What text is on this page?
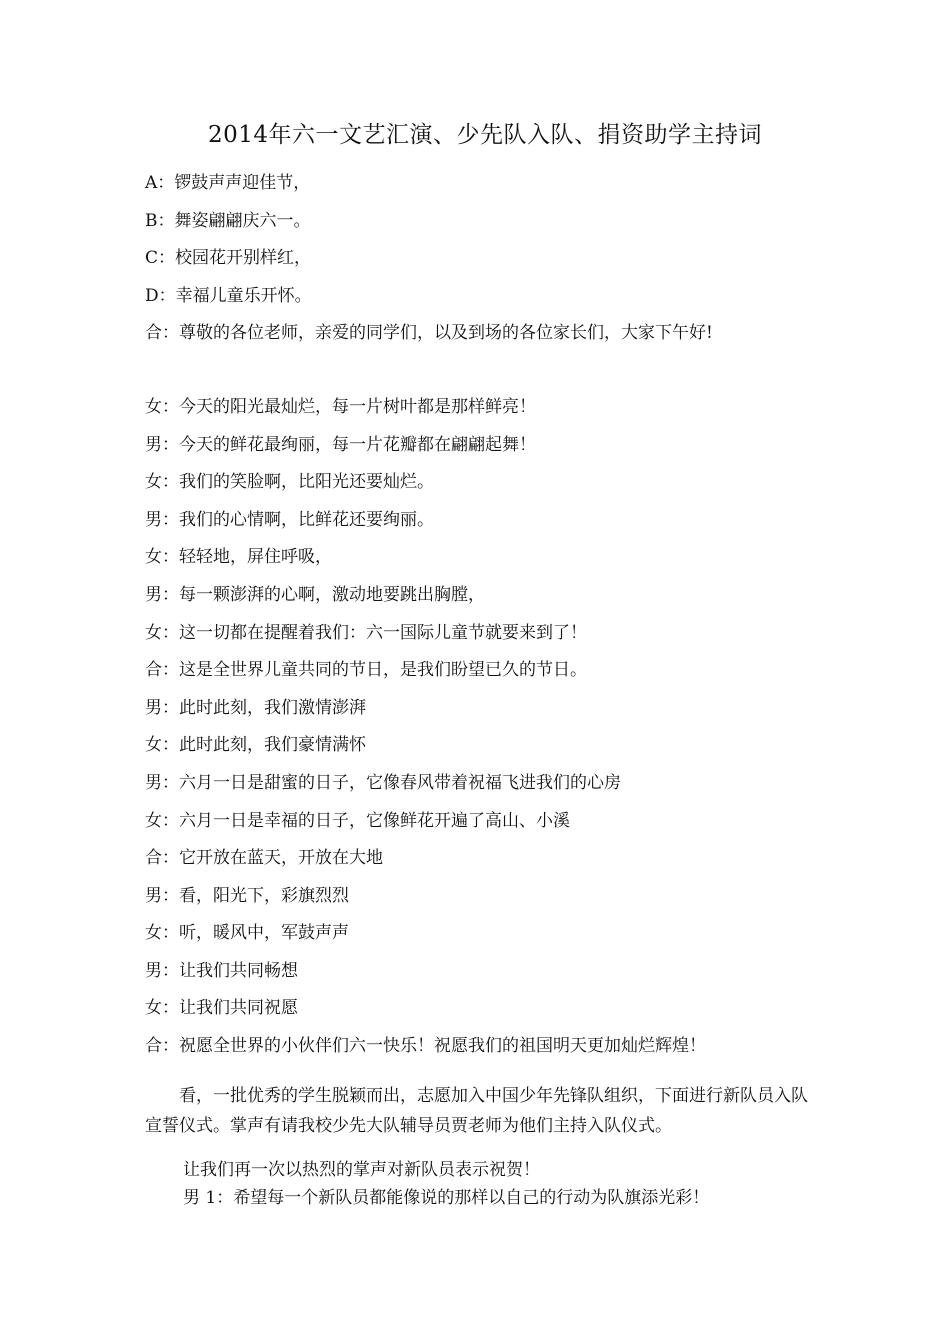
2014年六一文艺汇演、少先队入队、捐资助学主持词
A：锣鼓声声迎佳节，
B：舞姿翩翩庆六一。
C：校园花开别样红，
D：幸福儿童乐开怀。
合：尊敬的各位老师，亲爱的同学们，以及到场的各位家长们，大家下午好!
女：今天的阳光最灿烂，每一片树叶都是那样鲜亮！
男：今天的鲜花最绚丽，每一片花瓣都在翩翩起舞！
女：我们的笑脸啊，比阳光还要灿烂。
男：我们的心情啊，比鲜花还要绚丽。
女：轻轻地，屏住呼吸，
男：每一颗澎湃的心啊，激动地要跳出胸膛，
女：这一切都在提醒着我们：六一国际儿童节就要来到了！
合：这是全世界儿童共同的节日，是我们盼望已久的节日。
男：此时此刻，我们激情澎湃
女：此时此刻，我们豪情满怀
男：六月一日是甜蜜的日子，它像春风带着祝福飞进我们的心房
女：六月一日是幸福的日子，它像鲜花开遍了高山、小溪
合：它开放在蓝天，开放在大地
男：看，阳光下，彩旗烈烈
女：听，暖风中，军鼓声声
男：让我们共同畅想
女：让我们共同祝愿
合：祝愿全世界的小伙伴们六一快乐！祝愿我们的祖国明天更加灿烂辉煌！
看，一批优秀的学生脱颖而出，志愿加入中国少年先锋队组织，下面进行新队员入队宣誓仪式。掌声有请我校少先大队辅导员贾老师为他们主持入队仪式。
让我们再一次以热烈的掌声对新队员表示祝贺！
男 1：希望每一个新队员都能像说的那样以自己的行动为队旗添光彩！
